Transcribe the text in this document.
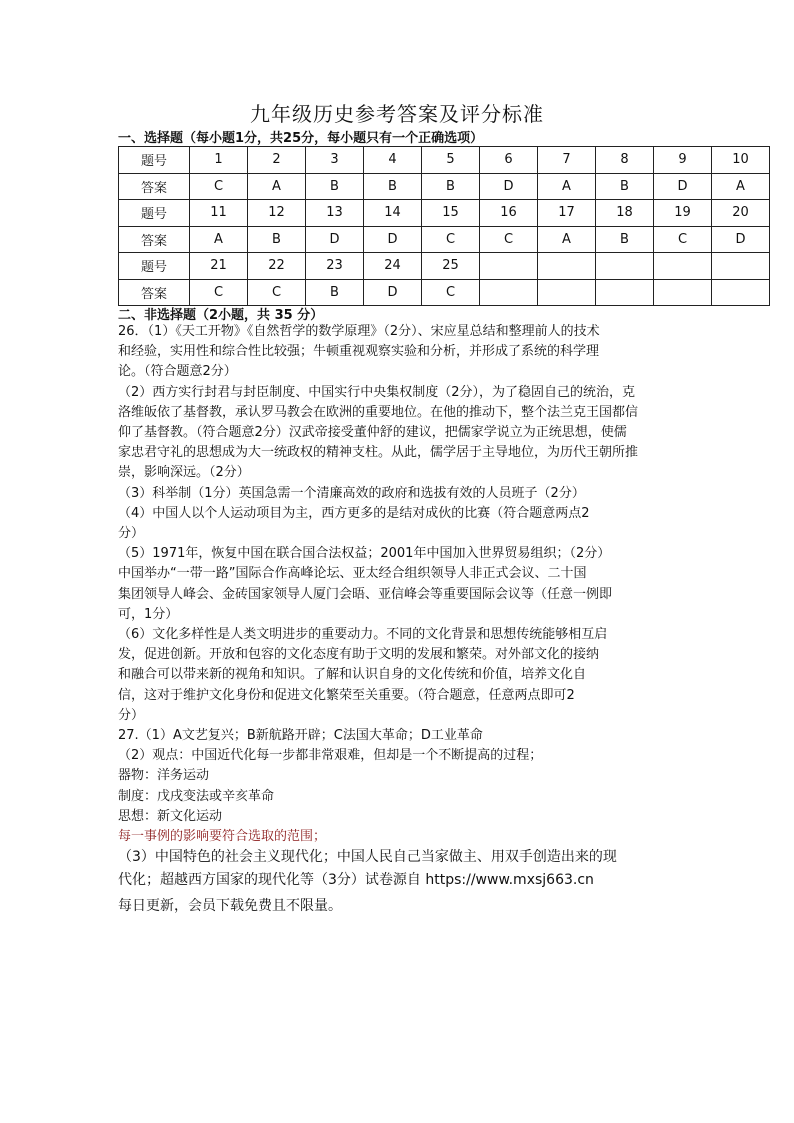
九年级历史参考答案及评分标准
一、选择题（每小题1分，共25分，每小题只有一个正确选项）
题号	1	2	3	4	5	6	7	8	9	10
答案	C	A	B	B	B	D	A	B	D	A
题号	11	12	13	14	15	16	17	18	19	20
答案	A	B	D	D	C	C	A	B	C	D
题号	21	22	23	24	25					
答案	C	C	B	D	C					
二、非选择题（2小题，共 35 分）

26．（1）《天工开物》《自然哲学的数学原理》（2分）、宋应星总结和整理前人的技术

和经验，实用性和综合性比较强；牛顿重视观察实验和分析，并形成了系统的科学理

论。（符合题意2分）

（2）西方实行封君与封臣制度、中国实行中央集权制度（2分），为了稳固自己的统治，克

洛维皈依了基督教，承认罗马教会在欧洲的重要地位。在他的推动下，整个法兰克王国都信

仰了基督教。（符合题意2分）汉武帝接受董仲舒的建议，把儒家学说立为正统思想，使儒

家忠君守礼的思想成为大一统政权的精神支柱。从此，儒学居于主导地位，为历代王朝所推

崇，影响深远。（2分）

（3）科举制（1分）英国急需一个清廉高效的政府和选拔有效的人员班子（2分）

（4）中国人以个人运动项目为主，西方更多的是结对成伙的比赛（符合题意两点2

分）

（5）1971年，恢复中国在联合国合法权益；2001年中国加入世界贸易组织；（2分）

中国举办“一带一路”国际合作高峰论坛、亚太经合组织领导人非正式会议、二十国

集团领导人峰会、金砖国家领导人厦门会晤、亚信峰会等重要国际会议等（任意一例即

可，1分）

（6）文化多样性是人类文明进步的重要动力。不同的文化背景和思想传统能够相互启

发，促进创新。开放和包容的文化态度有助于文明的发展和繁荣。对外部文化的接纳

和融合可以带来新的视角和知识。了解和认识自身的文化传统和价值，培养文化自

信，这对于维护文化身份和促进文化繁荣至关重要。（符合题意，任意两点即可2

分）

27.（1）A文艺复兴；B新航路开辟；C法国大革命；D工业革命

（2）观点：中国近代化每一步都非常艰难，但却是一个不断提高的过程；

器物：洋务运动

制度：戊戌变法或辛亥革命

思想：新文化运动

每一事例的影响要符合选取的范围；

（3）中国特色的社会主义现代化；中国人民自己当家做主、用双手创造出来的现

代化；超越西方国家的现代化等（3分）试卷源自 https://www.mxsj663.cn

每日更新，会员下载免费且不限量。
